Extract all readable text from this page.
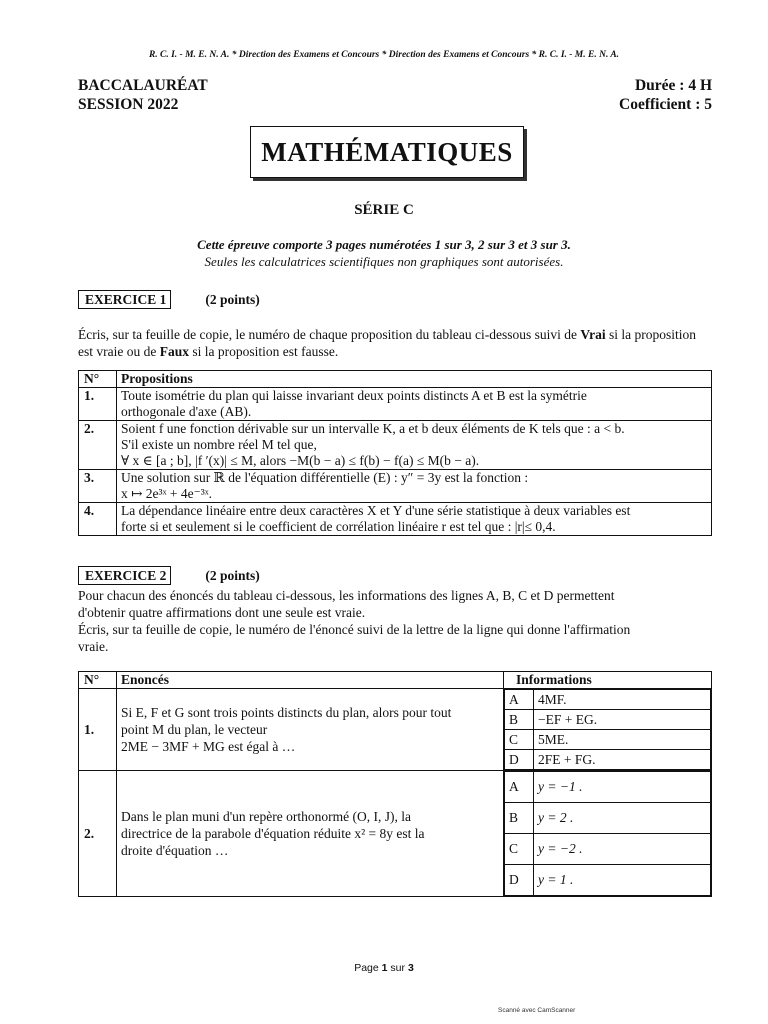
R. C. I. - M. E. N. A. * Direction des Examens et Concours * Direction des Examens et Concours * R. C. I. - M. E. N. A.
BACCALAURÉAT
SESSION 2022
Durée : 4 H
Coefficient : 5
MATHÉMATIQUES
SÉRIE C
Cette épreuve comporte 3 pages numérotées 1 sur 3, 2 sur 3 et 3 sur 3.
Seules les calculatrices scientifiques non graphiques sont autorisées.
EXERCICE 1	(2 points)
Écris, sur ta feuille de copie, le numéro de chaque proposition du tableau ci-dessous suivi de Vrai si la proposition est vraie ou de Faux si la proposition est fausse.
N°	Propositions
1.	Toute isométrie du plan qui laisse invariant deux points distincts A et B est la symétrie
orthogonale d'axe (AB).

2.	Soient f une fonction dérivable sur un intervalle K, a et b deux éléments de K tels que : a < b.
S'il existe un nombre réel M tel que,
∀ x ∈ [a ; b], |f ′(x)| ≤ M, alors −M(b − a) ≤ f(b) − f(a) ≤ M(b − a).

3.	Une solution sur ℝ de l'équation différentielle (E) : y″ = 3y est la fonction :
x ↦ 2e³ˣ + 4e⁻³ˣ.

4.	La dépendance linéaire entre deux caractères X et Y d'une série statistique à deux variables est
forte si et seulement si le coefficient de corrélation linéaire r est tel que : |r|≤ 0,4.
EXERCICE 2	(2 points)
Pour chacun des énoncés du tableau ci-dessous, les informations des lignes A, B, C et D permettent
d'obtenir quatre affirmations dont une seule est vraie.
Écris, sur ta feuille de copie, le numéro de l'énoncé suivi de la lettre de la ligne qui donne l'affirmation
vraie.
N°	Enoncés	Informations
1.	
Si E, F et G sont trois points distincts du plan, alors pour tout
point M du plan, le vecteur
2ME − 3MF + MG est égal à …

A	4MF.
B	−EF + EG.
C	5ME.
D	2FE + FG.

2.	
Dans le plan muni d'un repère orthonormé (O, I, J), la
directrice de la parabole d'équation réduite x² = 8y est la
droite d'équation …

A	y = −1 .
B	y = 2 .
C	y = −2 .
D	y = 1 .
Page 1 sur 3
Scanné avec CamScanner
